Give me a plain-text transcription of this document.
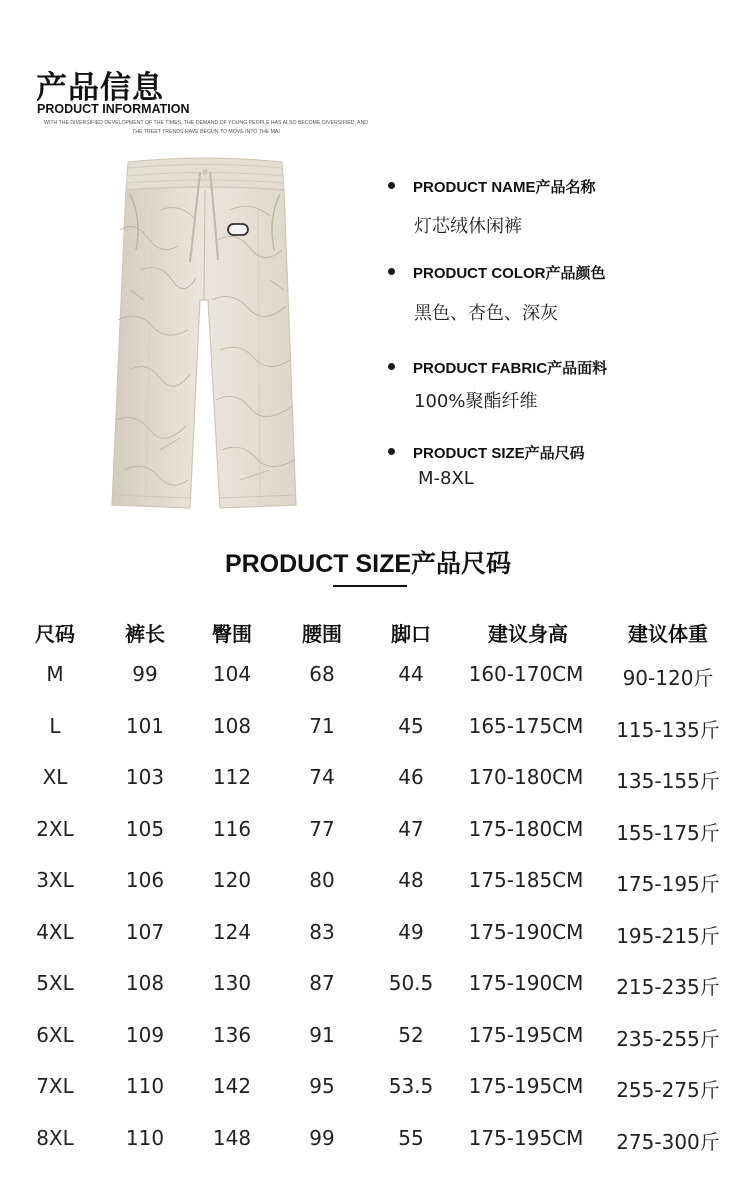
产品信息
PRODUCT INFORMATION
WITH THE DIVERSIFIED DEVELOPMENT OF THE TIMES, THE DEMAND OF YOUNG PEOPLE HAS ALSO BECOME DIVERSIFIED, AND THE TREET TRENDS HAVE BEGUN TO MOVE INTO THE MAI
PRODUCT NAME产品名称
灯芯绒休闲裤
PRODUCT COLOR产品颜色
黑色、杏色、深灰
PRODUCT FABRIC产品面料
100%聚酯纤维
PRODUCT SIZE产品尺码
M-8XL
PRODUCT SIZE产品尺码
尺码	裤长 臀围	腰围 脚口	建议身高	建议体重
M	99	104	68	44 160-170CM 90-120斤
L	101 108	71	45 165-175CM 115-135斤
XL	103 112	74	46 170-180CM 135-155斤
2XL	105 116	77	47 175-180CM 155-175斤
3XL	106 120	80	48 175-185CM 175-195斤
4XL	107 124	83	49 175-190CM 195-215斤
5XL	108 130	87	50.5 175-190CM 215-235斤
6XL	109 136	91	52 175-195CM 235-255斤
7XL	110 142	95	53.5 175-195CM 255-275斤
8XL	110 148	99	55 175-195CM 275-300斤
